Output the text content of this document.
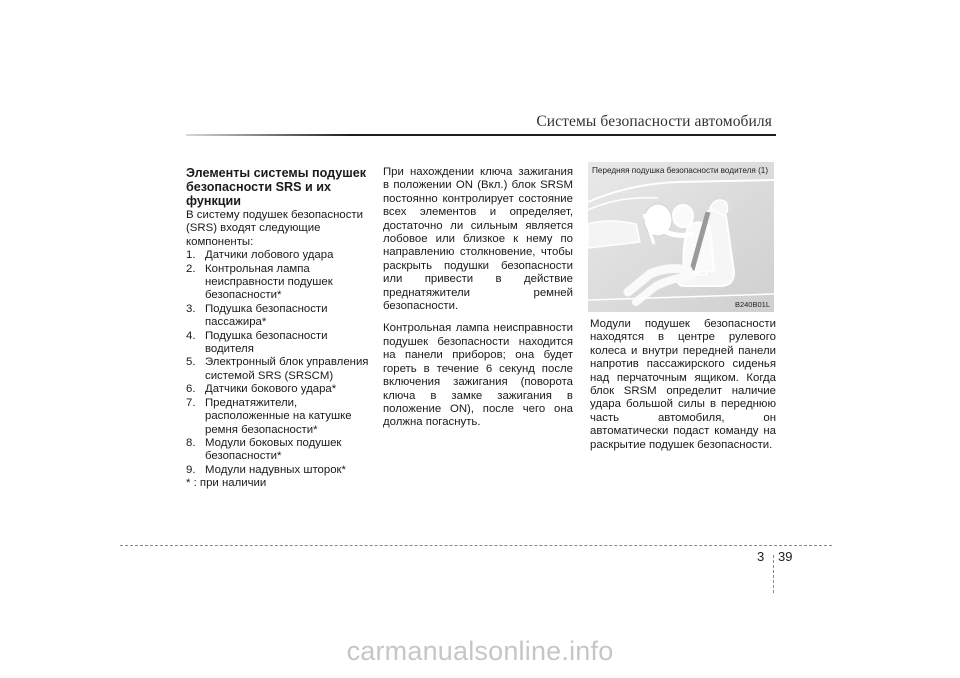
Системы безопасности автомобиля
Элементы системы подушек безопасности SRS и их функции
В систему подушек безопасности (SRS) входят следующие компоненты:
1. Датчики лобового удара
2. Контрольная лампа неисправности подушек безопасности*
3. Подушка безопасности пассажира*
4. Подушка безопасности водителя
5. Электронный блок управления системой SRS (SRSCM)
6. Датчики бокового удара*
7. Преднатяжители, расположенные на катушке ремня безопасности*
8. Модули боковых подушек безопасности*
9. Модули надувных шторок*
* : при наличии

При нахождении ключа зажигания в положении ON (Вкл.) блок SRSM постоянно контролирует состояние всех элементов и определяет, достаточно ли сильным является лобовое или близкое к нему по направлению столкновение, чтобы раскрыть подушки безопасности или привести в действие преднатяжители ремней безопасности.

Контрольная лампа неисправности подушек безопасности находится на панели приборов; она будет гореть в течение 6 секунд после включения зажигания (поворота ключа в замке зажигания в положение ON), после чего она должна погаснуть.

Передняя подушка безопасности водителя (1)
B240B01L
Модули подушек безопасности находятся в центре рулевого колеса и внутри передней панели напротив пассажирского сиденья над перчаточным ящиком. Когда блок SRSM определит наличие удара большой силы в переднюю часть автомобиля, он автоматически подаст команду на раскрытие подушек безопасности.
3 39
carmanualsonline.info
